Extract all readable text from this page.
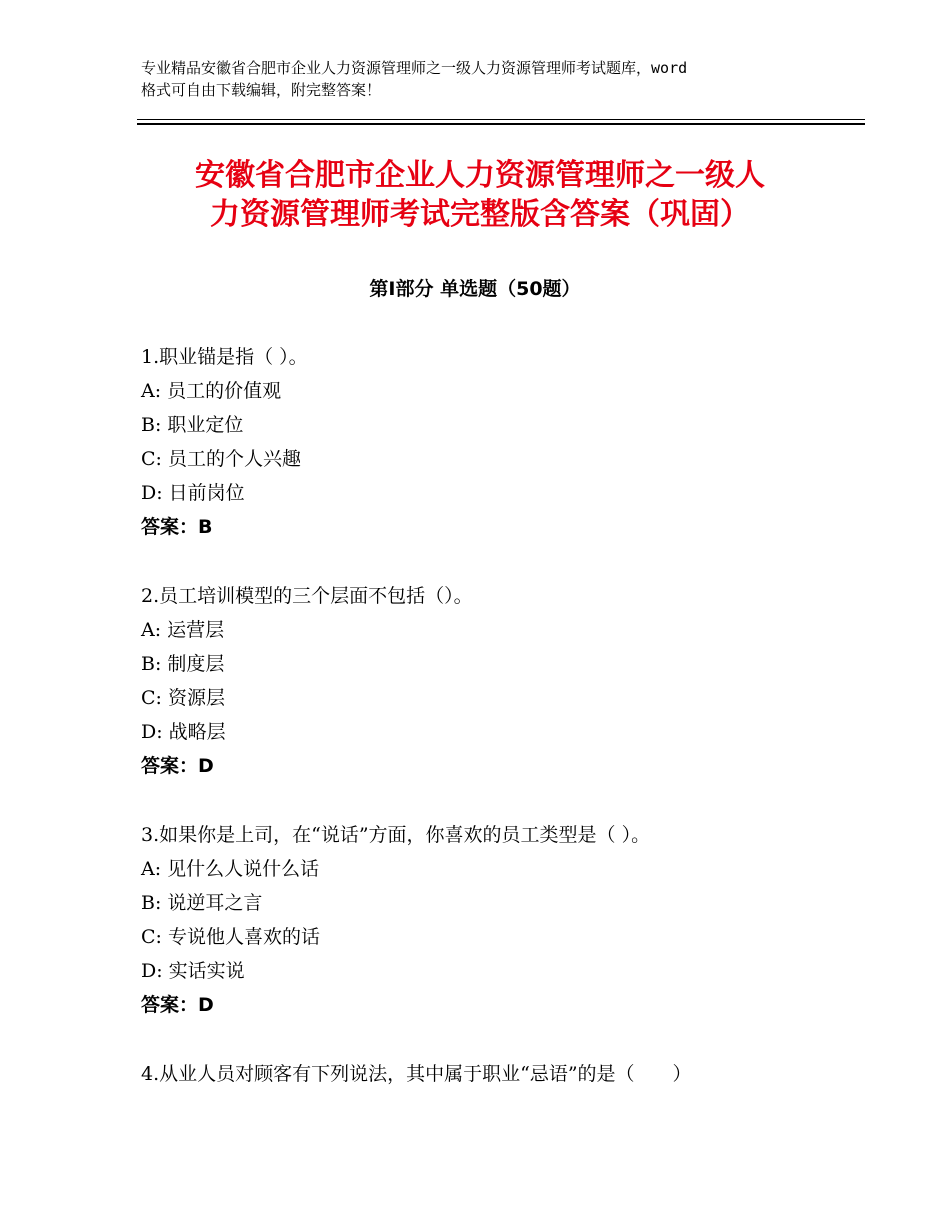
专业精品安徽省合肥市企业人力资源管理师之一级人力资源管理师考试题库，word
格式可自由下载编辑，附完整答案！
安徽省合肥市企业人力资源管理师之一级人
力资源管理师考试完整版含答案（巩固）
第Ⅰ部分 单选题（50题）
1.职业锚是指（ ）。
A: 员工的价值观
B: 职业定位
C: 员工的个人兴趣
D: 日前岗位
答案：B
2.员工培训模型的三个层面不包括（）。
A: 运营层
B: 制度层
C: 资源层
D: 战略层
答案：D
3.如果你是上司，在“说话”方面，你喜欢的员工类型是（ ）。
A: 见什么人说什么话
B: 说逆耳之言
C: 专说他人喜欢的话
D: 实话实说
答案：D
4.从业人员对顾客有下列说法，其中属于职业“忌语”的是（　　）
